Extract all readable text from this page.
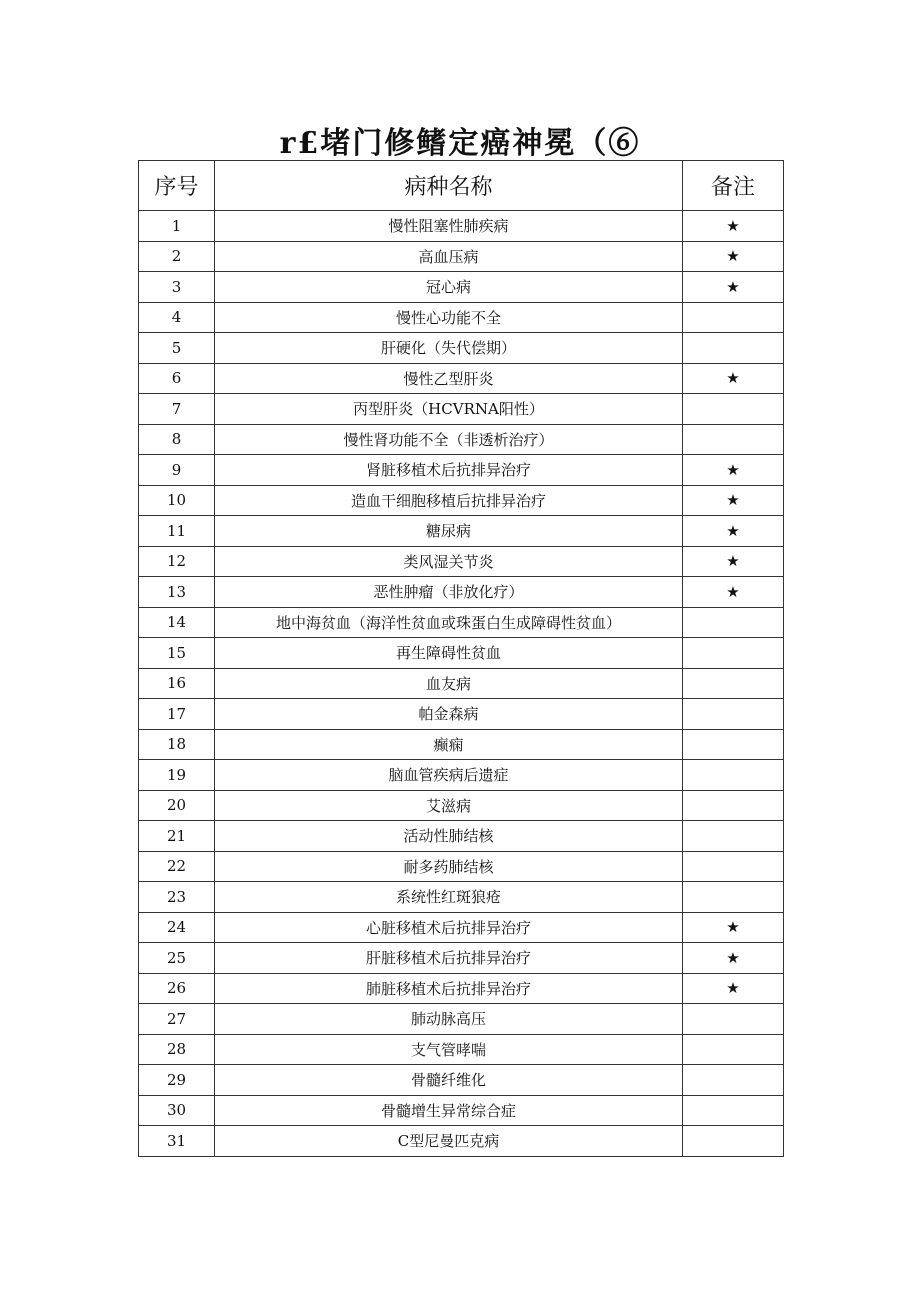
r£堵门修鳍定癌神冕（⑥
序号	病种名称	备注
1	慢性阻塞性肺疾病	★
2	高血压病	★
3	冠心病	★
4	慢性心功能不全	
5	肝硬化（失代偿期）	
6	慢性乙型肝炎	★
7	丙型肝炎（HCVRNA阳性）	
8	慢性肾功能不全（非透析治疗）	
9	肾脏移植术后抗排异治疗	★
10	造血干细胞移植后抗排异治疗	★
11	糖尿病	★
12	类风湿关节炎	★
13	恶性肿瘤（非放化疗）	★
14	地中海贫血（海洋性贫血或珠蛋白生成障碍性贫血）	
15	再生障碍性贫血	
16	血友病	
17	帕金森病	
18	癫痫	
19	脑血管疾病后遗症	
20	艾滋病	
21	活动性肺结核	
22	耐多药肺结核	
23	系统性红斑狼疮	
24	心脏移植术后抗排异治疗	★
25	肝脏移植术后抗排异治疗	★
26	肺脏移植术后抗排异治疗	★
27	肺动脉高压	
28	支气管哮喘	
29	骨髓纤维化	
30	骨髓增生异常综合症	
31	C型尼曼匹克病	
